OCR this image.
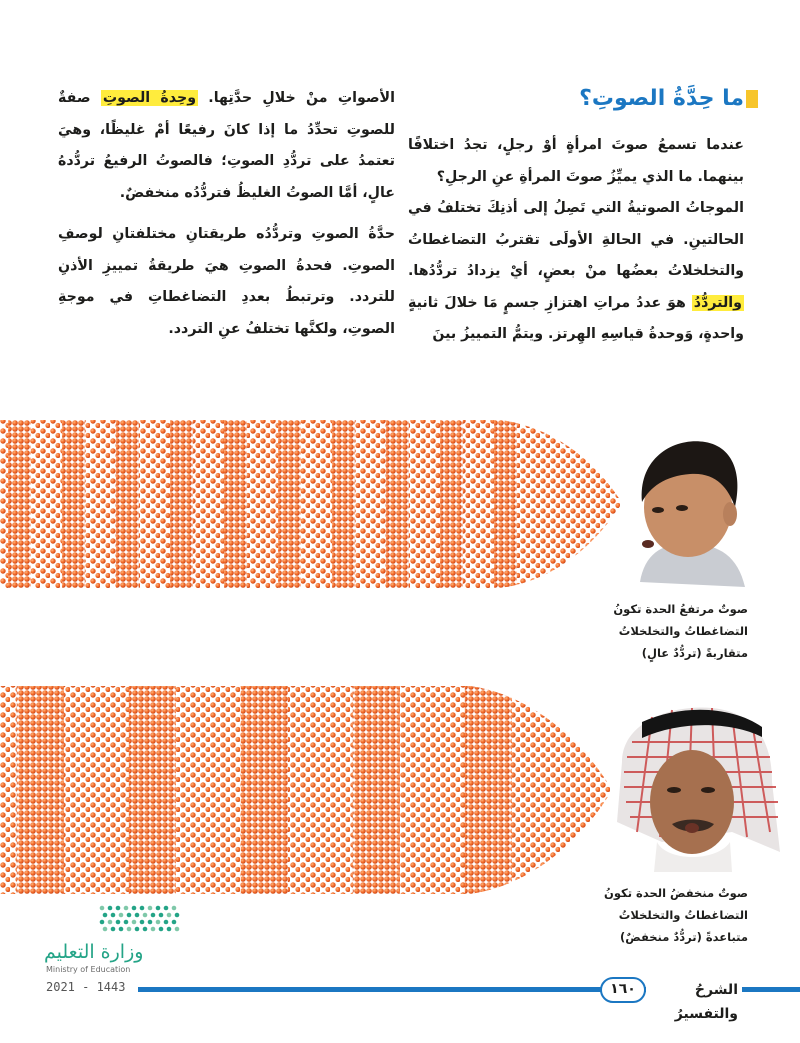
ما حِدَّةُ الصوتِ؟

عندما تسمعُ صوتَ امرأةٍ أوْ رجلٍ، تجدُ اختلافًا بينهما. ما الذي يميِّزُ صوتَ المرأةِ عنِ الرجلِ؟

الموجاتُ الصوتيةُ التي تَصِلُ إلى أذنِكَ تختلفُ في الحالتينِ. في الحالةِ الأولَى تقتربُ التضاغطاتُ والتخلخلاتُ بعضُها منْ بعضٍ، أيْ يزدادُ تردُّدُها. والتردُّدُ هوَ عددُ مراتِ اهتزازِ جسمٍ مَا خلالَ ثانيةٍ واحدةٍ، وَوحدةُ قياسِهِ الهِرتز. ويتمُّ التمييزُ بينَ

الأصواتِ منْ خلالِ حدَّتِها. وحِدةُ الصوتِ صفةٌ للصوتِ تحدِّدُ ما إذا كانَ رفيعًا أمْ غليظًا، وهيَ تعتمدُ على تردُّدِ الصوتِ؛ فالصوتُ الرفيعُ تردُّدهُ عالٍ، أمَّا الصوتُ الغليظُ فتردُّدُه منخفضٌ.

حدَّةُ الصوتِ وتردُّدُه طريقتانِ مختلفتانِ لوصفِ الصوتِ. فحدةُ الصوتِ هيَ طريقةُ تمييزِ الأذنِ للتردد. وترتبطُ بعددِ التضاغطاتِ في موجةِ الصوتِ، ولكنَّها تختلفُ عنِ التردد.

صوتٌ مرتفعُ الحدة تكونُ
التضاغطاتُ والتخلخلاتُ
متقاربةً (تردُّدٌ عالٍ)
صوتٌ منخفضُ الحدة تكونُ
التضاغطاتُ والتخلخلاتُ
متباعدةً (تردُّدٌ منخفضٌ)
وزارة التعليم
Ministry of Education
2021 - 1443	الشرحُ والتفسيرُ
١٦٠
